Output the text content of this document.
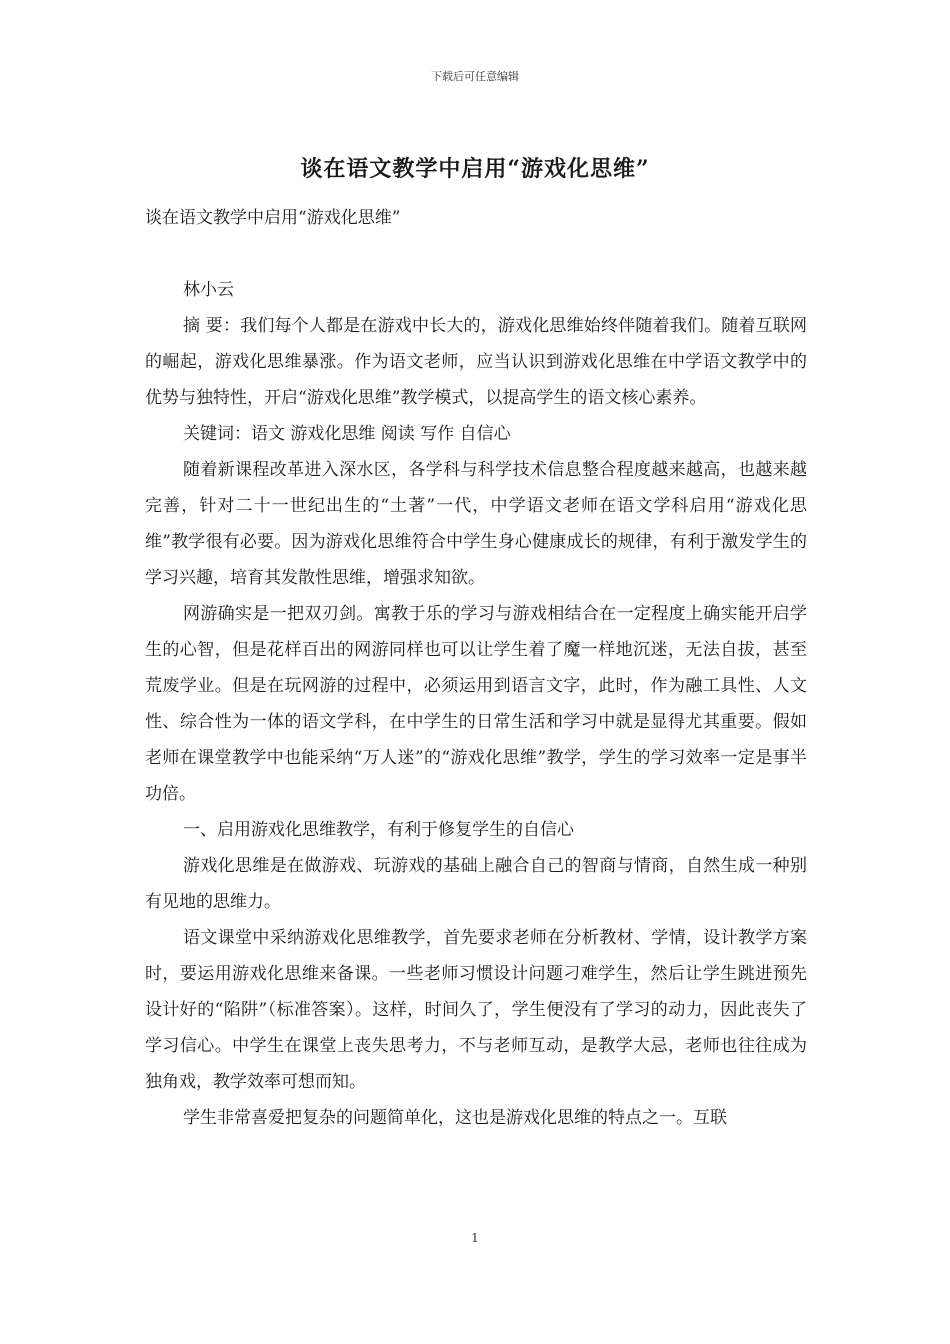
下载后可任意编辑
谈在语文教学中启用“游戏化思维”

谈在语文教学中启用“游戏化思维”

林小云

摘 要：我们每个人都是在游戏中长大的，游戏化思维始终伴随着我们。随着互联网的崛起，游戏化思维暴涨。作为语文老师，应当认识到游戏化思维在中学语文教学中的优势与独特性，开启“游戏化思维”教学模式，以提高学生的语文核心素养。

关键词：语文 游戏化思维 阅读 写作 自信心

随着新课程改革进入深水区，各学科与科学技术信息整合程度越来越高，也越来越完善，针对二十一世纪出生的“土著”一代，中学语文老师在语文学科启用“游戏化思维”教学很有必要。因为游戏化思维符合中学生身心健康成长的规律，有利于激发学生的学习兴趣，培育其发散性思维，增强求知欲。

网游确实是一把双刃剑。寓教于乐的学习与游戏相结合在一定程度上确实能开启学生的心智，但是花样百出的网游同样也可以让学生着了魔一样地沉迷，无法自拔，甚至荒废学业。但是在玩网游的过程中，必须运用到语言文字，此时，作为融工具性、人文性、综合性为一体的语文学科，在中学生的日常生活和学习中就是显得尤其重要。假如老师在课堂教学中也能采纳“万人迷”的“游戏化思维”教学，学生的学习效率一定是事半功倍。

一、启用游戏化思维教学，有利于修复学生的自信心

游戏化思维是在做游戏、玩游戏的基础上融合自己的智商与情商，自然生成一种别有见地的思维力。

语文课堂中采纳游戏化思维教学，首先要求老师在分析教材、学情，设计教学方案时，要运用游戏化思维来备课。一些老师习惯设计问题刁难学生，然后让学生跳进预先设计好的“陷阱”（标准答案）。这样，时间久了，学生便没有了学习的动力，因此丧失了学习信心。中学生在课堂上丧失思考力，不与老师互动，是教学大忌，老师也往往成为独角戏，教学效率可想而知。

学生非常喜爱把复杂的问题简单化，这也是游戏化思维的特点之一。互联

1
